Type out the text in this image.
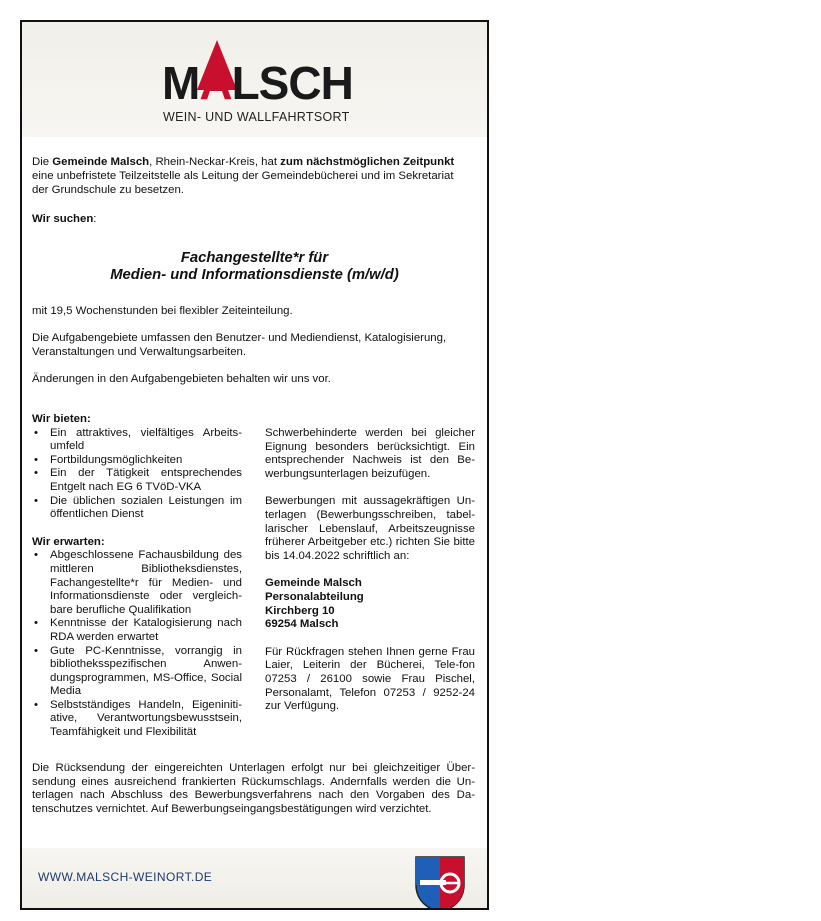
MALSCH
WEIN- UND WALLFAHRTSORT

Die Gemeinde Malsch, Rhein-Neckar-Kreis, hat zum nächstmöglichen Zeitpunkt
eine unbefristete Teilzeitstelle als Leitung der Gemeindebücherei und im Sekretariat
der Grundschule zu besetzen.

Wir suchen:

Fachangestellte*r für
Medien- und Informationsdienste (m/w/d)
mit 19,5 Wochenstunden bei flexibler Zeiteinteilung.
Die Aufgabengebiete umfassen den Benutzer- und Mediendienst, Katalogisierung,
Veranstaltungen und Verwaltungsarbeiten.
Änderungen in den Aufgabengebieten behalten wir uns vor.
Wir bieten:
• Ein attraktives, vielfältiges Arbeits-umfeld
• Fortbildungsmöglichkeiten
• Ein der Tätigkeit entsprechendes Entgelt nach EG 6 TVöD-VKA
• Die üblichen sozialen Leistungen im öffentlichen Dienst
Wir erwarten:
• Abgeschlossene Fachausbildung des mittleren Bibliotheksdienstes, Fachangestellte*r für Medien- und Informationsdienste oder vergleich-bare berufliche Qualifikation
• Kenntnisse der Katalogisierung nach RDA werden erwartet
• Gute PC-Kenntnisse, vorrangig in bibliotheksspezifischen Anwen-dungsprogrammen, MS-Office, Social Media
• Selbstständiges Handeln, Eigeniniti-ative, Verantwortungsbewusstsein, Teamfähigkeit und Flexibilität
Schwerbehinderte werden bei gleicher Eignung besonders berücksichtigt. Ein entsprechender Nachweis ist den Be-werbungsunterlagen beizufügen.
Bewerbungen mit aussagekräftigen Un-terlagen (Bewerbungsschreiben, tabel-larischer Lebenslauf, Arbeitszeugnisse früherer Arbeitgeber etc.) richten Sie bitte bis 14.04.2022 schriftlich an:
Gemeinde Malsch
Personalabteilung
Kirchberg 10
69254 Malsch
Für Rückfragen stehen Ihnen gerne Frau Laier, Leiterin der Bücherei, Tele-fon 07253 / 26100 sowie Frau Pischel, Personalamt, Telefon 07253 / 9252-24 zur Verfügung.
Die Rücksendung der eingereichten Unterlagen erfolgt nur bei gleichzeitiger Über-sendung eines ausreichend frankierten Rückumschlags. Andernfalls werden die Un-terlagen nach Abschluss des Bewerbungsverfahrens nach den Vorgaben des Da-tenschutzes vernichtet. Auf Bewerbungseingangsbestätigungen wird verzichtet.
WWW.MALSCH-WEINORT.DE
